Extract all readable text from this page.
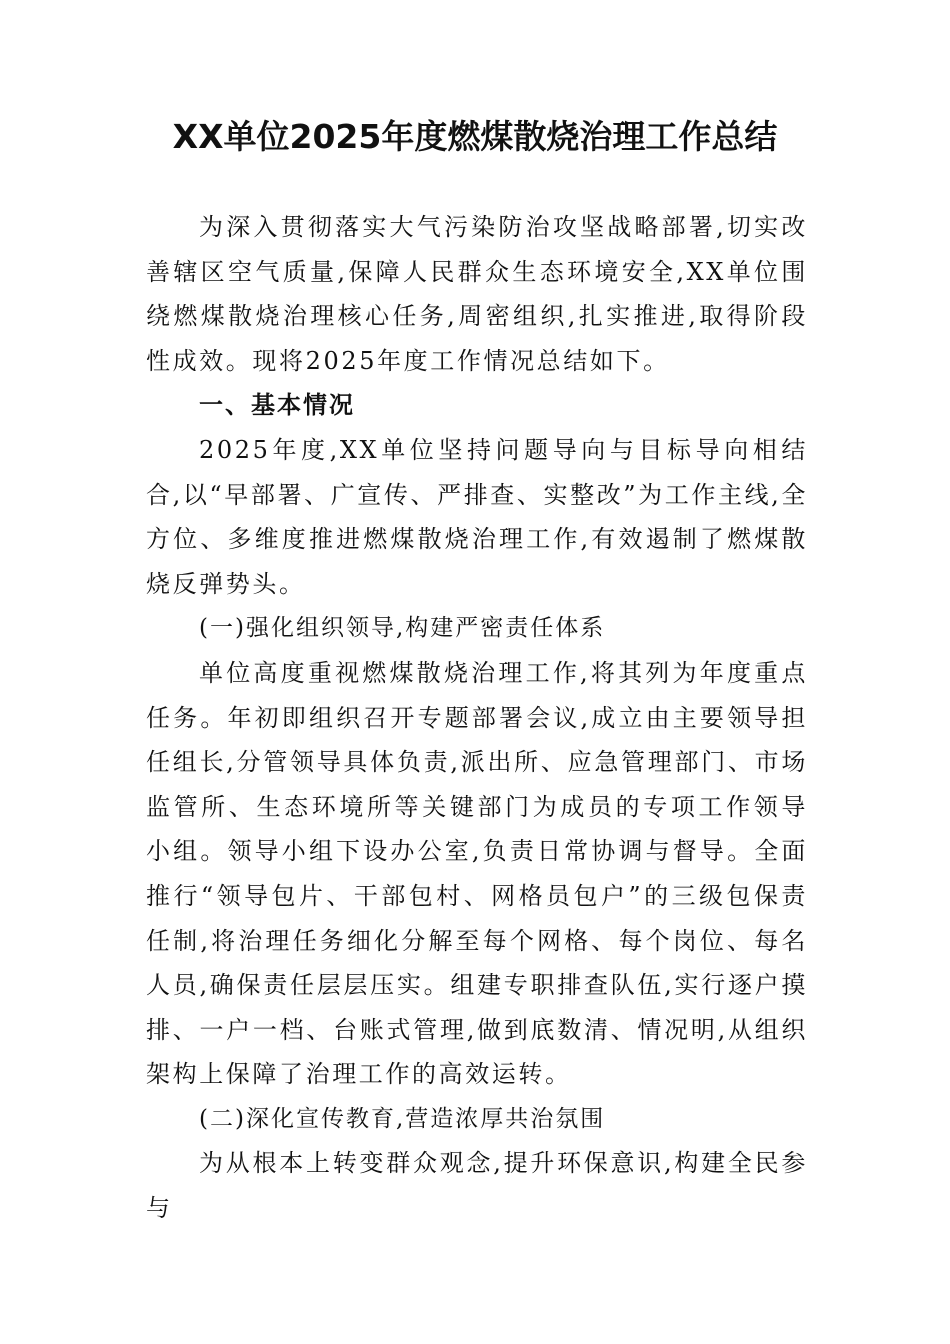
XX单位2025年度燃煤散烧治理工作总结

为深入贯彻落实大气污染防治攻坚战略部署,切实改善辖区空气质量,保障人民群众生态环境安全,XX单位围绕燃煤散烧治理核心任务,周密组织,扎实推进,取得阶段性成效。现将2025年度工作情况总结如下。

一、基本情况

2025年度,XX单位坚持问题导向与目标导向相结合,以“早部署、广宣传、严排查、实整改”为工作主线,全方位、多维度推进燃煤散烧治理工作,有效遏制了燃煤散烧反弹势头。

(一)强化组织领导,构建严密责任体系

单位高度重视燃煤散烧治理工作,将其列为年度重点任务。年初即组织召开专题部署会议,成立由主要领导担任组长,分管领导具体负责,派出所、应急管理部门、市场监管所、生态环境所等关键部门为成员的专项工作领导小组。领导小组下设办公室,负责日常协调与督导。全面推行“领导包片、干部包村、网格员包户”的三级包保责任制,将治理任务细化分解至每个网格、每个岗位、每名人员,确保责任层层压实。组建专职排查队伍,实行逐户摸排、一户一档、台账式管理,做到底数清、情况明,从组织架构上保障了治理工作的高效运转。

(二)深化宣传教育,营造浓厚共治氛围

为从根本上转变群众观念,提升环保意识,构建全民参与
